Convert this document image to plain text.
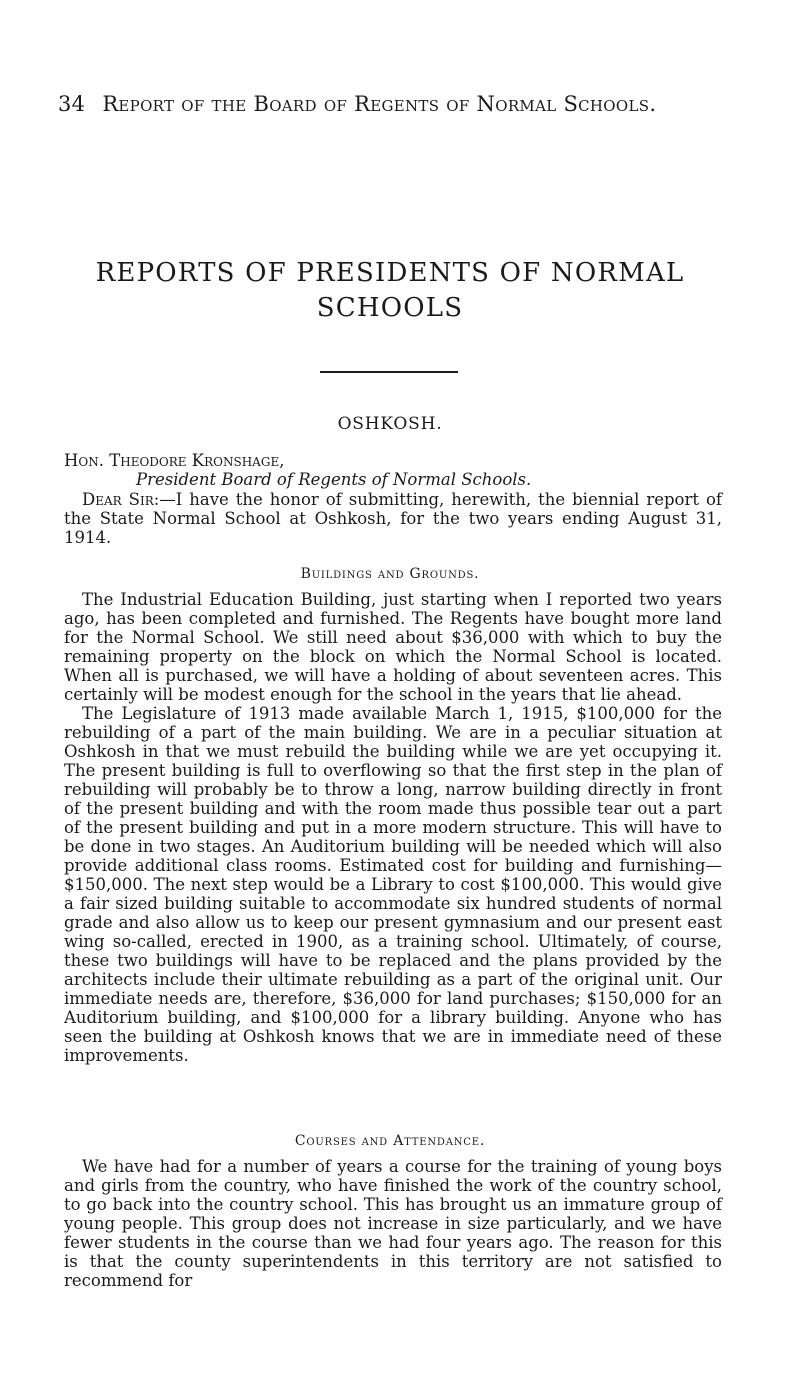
34 Report of the Board of Regents of Normal Schools.
REPORTS OF PRESIDENTS OF NORMAL
SCHOOLS
OSHKOSH.
Hon. Theodore Kronshage,
President Board of Regents of Normal Schools.

Dear Sir:—I have the honor of submitting, herewith, the biennial report of the State Normal School at Oshkosh, for the two years ending August 31, 1914.

Buildings and Grounds.

The Industrial Education Building, just starting when I reported two years ago, has been completed and furnished. The Regents have bought more land for the Normal School. We still need about $36,000 with which to buy the remaining property on the block on which the Normal School is located. When all is purchased, we will have a holding of about seventeen acres. This certainly will be modest enough for the school in the years that lie ahead.

The Legislature of 1913 made available March 1, 1915, $100,000 for the rebuilding of a part of the main building. We are in a peculiar situation at Oshkosh in that we must rebuild the building while we are yet occupying it. The present building is full to overflowing so that the first step in the plan of rebuilding will probably be to throw a long, narrow building directly in front of the present building and with the room made thus possible tear out a part of the present building and put in a more modern structure. This will have to be done in two stages. An Auditorium building will be needed which will also provide additional class rooms. Estimated cost for building and furnishing—$150,000. The next step would be a Library to cost $100,000. This would give a fair sized building suitable to accommodate six hundred students of normal grade and also allow us to keep our present gymnasium and our present east wing so-called, erected in 1900, as a training school. Ultimately, of course, these two buildings will have to be replaced and the plans provided by the architects include their ultimate rebuilding as a part of the original unit. Our immediate needs are, therefore, $36,000 for land purchases; $150,000 for an Auditorium building, and $100,000 for a library building. Anyone who has seen the building at Oshkosh knows that we are in immediate need of these improvements.

Courses and Attendance.

We have had for a number of years a course for the training of young boys and girls from the country, who have finished the work of the country school, to go back into the country school. This has brought us an immature group of young people. This group does not increase in size particularly, and we have fewer students in the course than we had four years ago. The reason for this is that the county superintendents in this territory are not satisfied to recommend for
